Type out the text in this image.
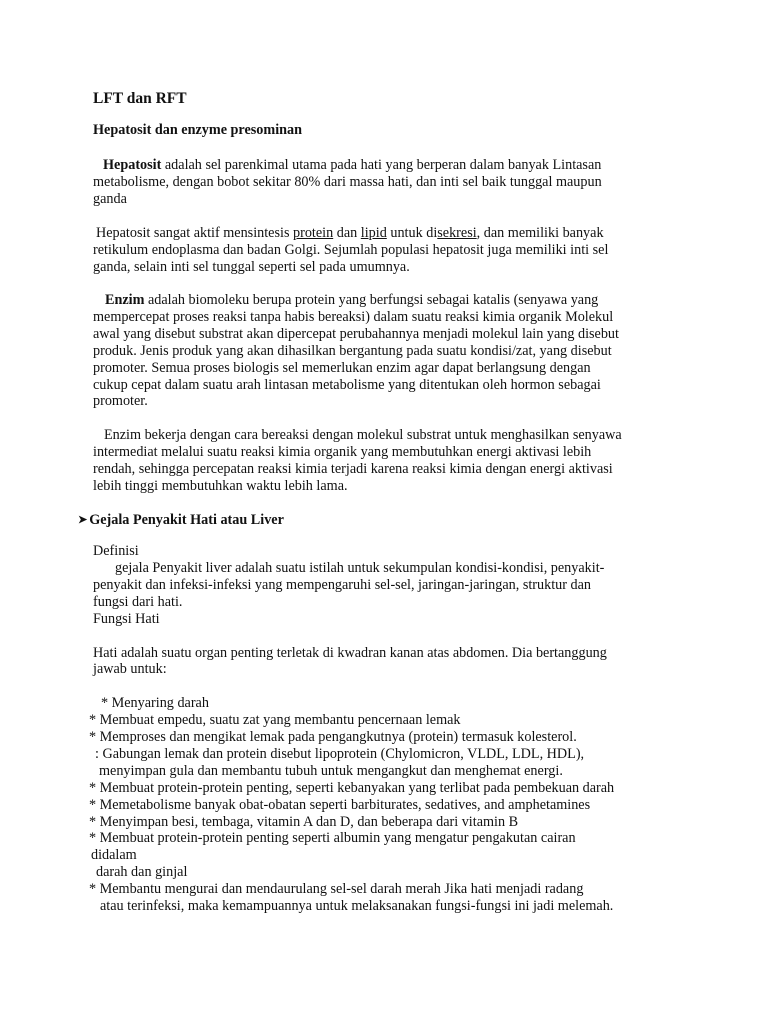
LFT dan RFT
Hepatosit dan enzyme presominan
Hepatosit adalah sel parenkimal utama pada hati yang berperan dalam banyak Lintasan
metabolisme, dengan bobot sekitar 80% dari massa hati, dan inti sel baik tunggal maupun
ganda
Hepatosit sangat aktif mensintesis protein dan lipid untuk disekresi, dan memiliki banyak
retikulum endoplasma dan badan Golgi. Sejumlah populasi hepatosit juga memiliki inti sel
ganda, selain inti sel tunggal seperti sel pada umumnya.
Enzim adalah biomoleku berupa protein yang berfungsi sebagai katalis (senyawa yang
mempercepat proses reaksi tanpa habis bereaksi) dalam suatu reaksi kimia organik Molekul
awal yang disebut substrat akan dipercepat perubahannya menjadi molekul lain yang disebut
produk. Jenis produk yang akan dihasilkan bergantung pada suatu kondisi/zat, yang disebut
promoter. Semua proses biologis sel memerlukan enzim agar dapat berlangsung dengan
cukup cepat dalam suatu arah lintasan metabolisme yang ditentukan oleh hormon sebagai
promoter.
Enzim bekerja dengan cara bereaksi dengan molekul substrat untuk menghasilkan senyawa
intermediat melalui suatu reaksi kimia organik yang membutuhkan energi aktivasi lebih
rendah, sehingga percepatan reaksi kimia terjadi karena reaksi kimia dengan energi aktivasi
lebih tinggi membutuhkan waktu lebih lama.
➤ Gejala Penyakit Hati atau Liver
Definisi
gejala Penyakit liver adalah suatu istilah untuk sekumpulan kondisi-kondisi, penyakit-
penyakit dan infeksi-infeksi yang mempengaruhi sel-sel, jaringan-jaringan, struktur dan
fungsi dari hati.
Fungsi Hati
Hati adalah suatu organ penting terletak di kwadran kanan atas abdomen. Dia bertanggung
jawab untuk:
* Menyaring darah
* Membuat empedu, suatu zat yang membantu pencernaan lemak
* Memproses dan mengikat lemak pada pengangkutnya (protein) termasuk kolesterol.
: Gabungan lemak dan protein disebut lipoprotein (Chylomicron, VLDL, LDL, HDL),
menyimpan gula dan membantu tubuh untuk mengangkut dan menghemat energi.
* Membuat protein-protein penting, seperti kebanyakan yang terlibat pada pembekuan darah
* Memetabolisme banyak obat-obatan seperti barbiturates, sedatives, and amphetamines
* Menyimpan besi, tembaga, vitamin A dan D, dan beberapa dari vitamin B
* Membuat protein-protein penting seperti albumin yang mengatur pengakutan cairan
didalam
darah dan ginjal
* Membantu mengurai dan mendaurulang sel-sel darah merah Jika hati menjadi radang
atau terinfeksi, maka kemampuannya untuk melaksanakan fungsi-fungsi ini jadi melemah.
